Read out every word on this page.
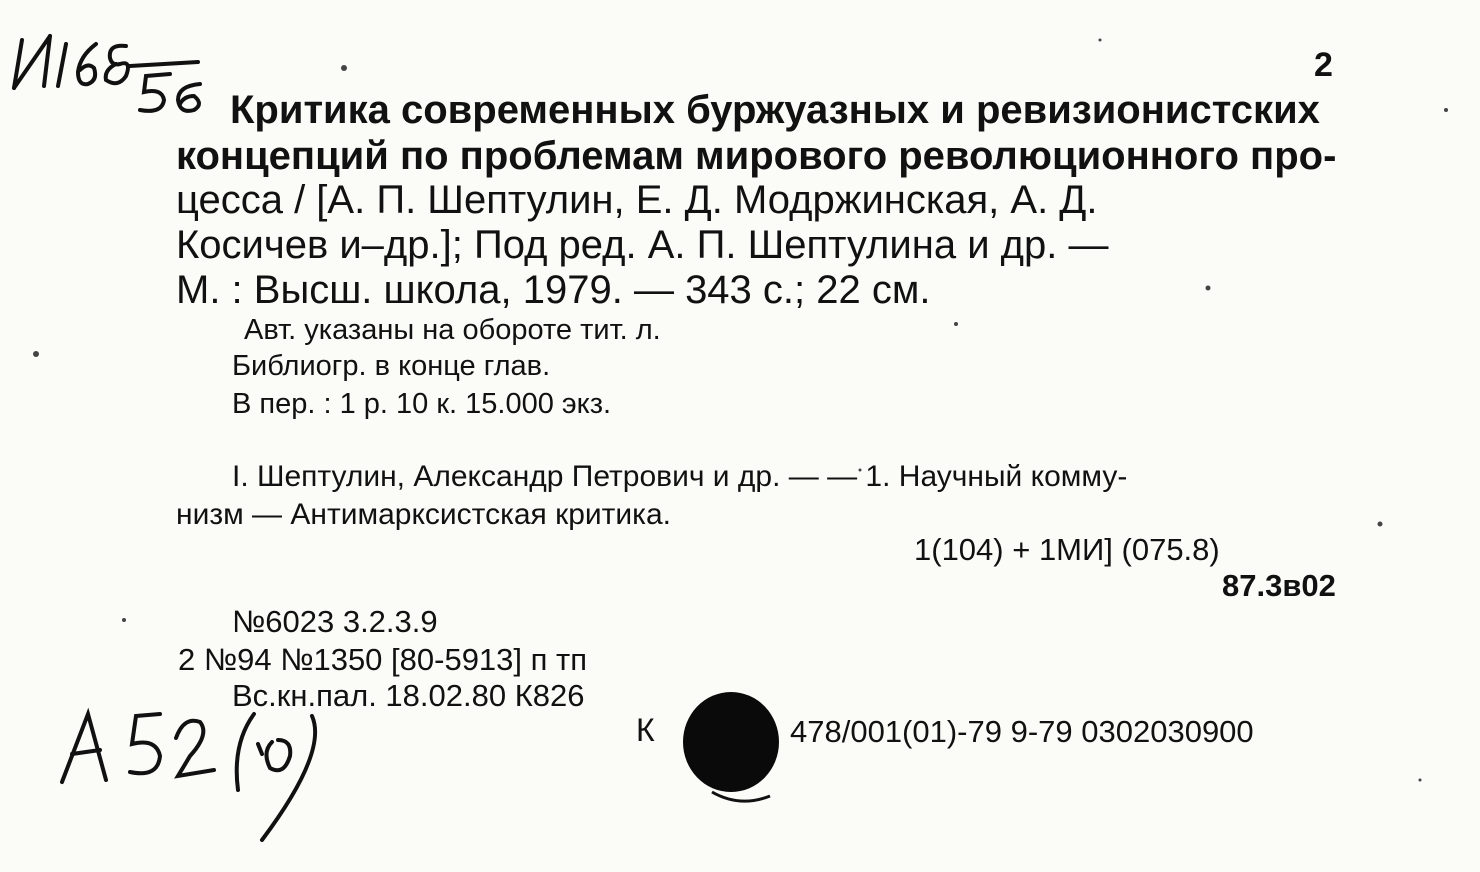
2
Критика современных буржуазных и ревизионистских
концепций по проблемам мирового революционного про-
цесса / [А. П. Шептулин, Е. Д. Модржинская, А. Д.
Косичев и–др.]; Под ред. А. П. Шептулина и др. —
М. : Высш. школа, 1979. — 343 с.; 22 см.
Авт. указаны на обороте тит. л.
Библиогр. в конце глав.
В пер. : 1 р. 10 к. 15.000 экз.
I. Шептулин, Александр Петрович и др. — — 1. Научный комму-
низм — Антимарксистская критика.
1(104) + 1МИ] (075.8)
87.3в02
№6023 3.2.3.9
2 №94 №1350 [80-5913] п тп
Вс.кн.пал. 18.02.80 К826
К	478/001(01)-79 9-79 0302030900
